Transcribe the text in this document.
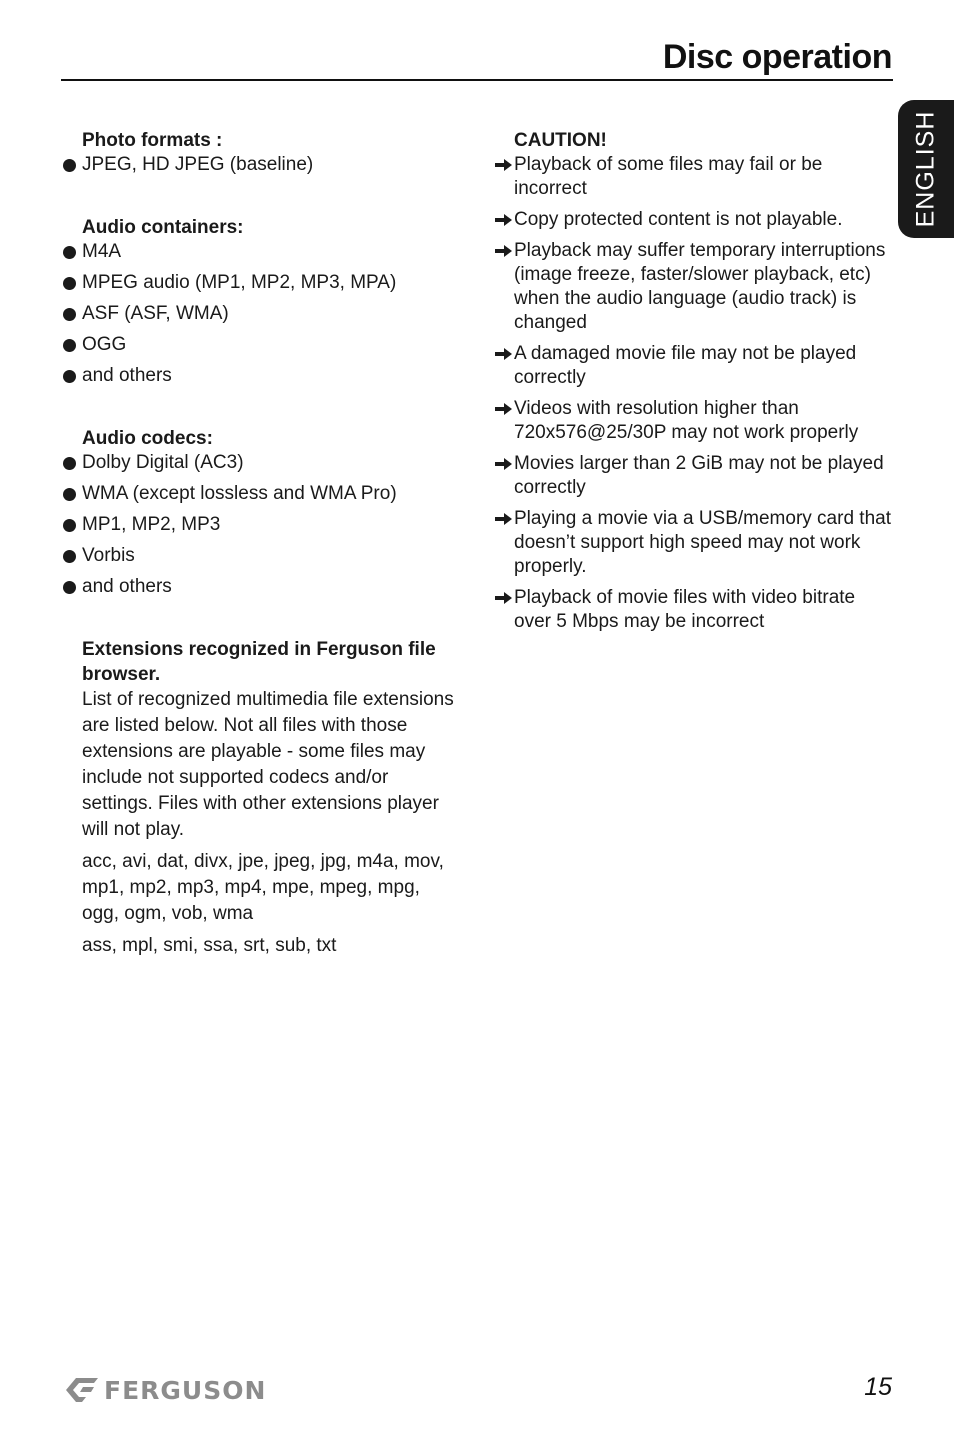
Disc operation
ENGLISH
Photo formats :
JPEG, HD JPEG (baseline)
Audio containers:
M4A
MPEG audio (MP1, MP2, MP3, MPA)
ASF (ASF, WMA)
OGG
and others
Audio codecs:
Dolby Digital (AC3)
WMA (except lossless and WMA Pro)
MP1, MP2, MP3
Vorbis
and others
Extensions recognized in Ferguson file browser.

List of recognized multimedia file extensions are listed below. Not all files with those extensions are playable - some files may include not supported codecs and/or settings. Files with other extensions player will not play.

acc, avi, dat, divx, jpe, jpeg, jpg, m4a, mov, mp1, mp2, mp3, mp4, mpe, mpeg, mpg, ogg, ogm, vob, wma

ass, mpl, smi, ssa, srt, sub, txt

CAUTION!
Playback of some files may fail or be incorrect
Copy protected content is not playable.
Playback may suffer temporary interruptions (image freeze, faster/slower playback, etc) when the audio language (audio track) is changed
A damaged movie file may not be played correctly
Videos with resolution higher than 720x576@25/30P may not work properly
Movies larger than 2 GiB may not be played correctly
Playing a movie via a USB/memory card that doesn’t support high speed may not work properly.
Playback of movie files with video bitrate over 5 Mbps may be incorrect
FERGUSON	15
